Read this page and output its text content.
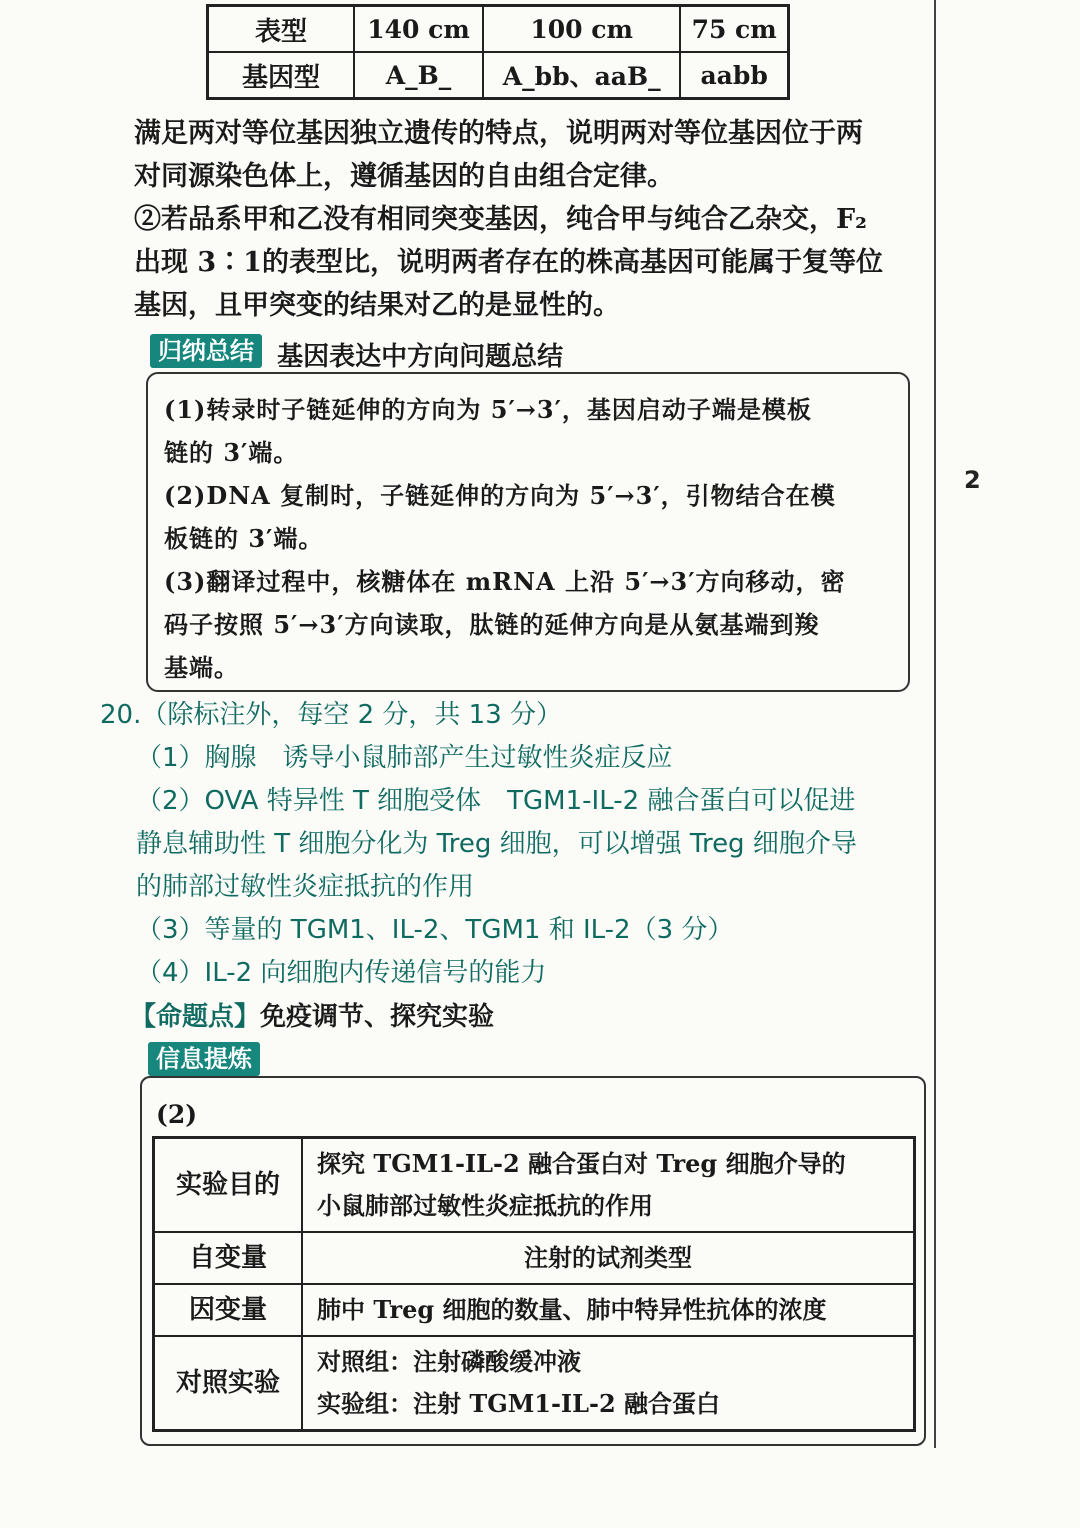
2
表型	140 cm	100 cm	75 cm
基因型	A_B_	A_bb、aaB_	aabb

满足两对等位基因独立遗传的特点，说明两对等位基因位于两

对同源染色体上，遵循基因的自由组合定律。

②若品系甲和乙没有相同突变基因，纯合甲与纯合乙杂交，F₂

出现 3∶1的表型比，说明两者存在的株高基因可能属于复等位

基因，且甲突变的结果对乙的是显性的。

归纳总结 基因表达中方向问题总结

(1)转录时子链延伸的方向为 5′→3′，基因启动子端是模板

链的 3′端。

(2)DNA 复制时，子链延伸的方向为 5′→3′，引物结合在模

板链的 3′端。

(3)翻译过程中，核糖体在 mRNA 上沿 5′→3′方向移动，密

码子按照 5′→3′方向读取，肽链的延伸方向是从氨基端到羧

基端。

20.（除标注外，每空 2 分，共 13 分）

（1）胸腺　诱导小鼠肺部产生过敏性炎症反应

（2）OVA 特异性 T 细胞受体　TGM1-IL-2 融合蛋白可以促进

静息辅助性 T 细胞分化为 Treg 细胞，可以增强 Treg 细胞介导

的肺部过敏性炎症抵抗的作用

（3）等量的 TGM1、IL-2、TGM1 和 IL-2（3 分）

（4）IL-2 向细胞内传递信号的能力

【命题点】免疫调节、探究实验
信息提炼
(2)
实验目的	探究 TGM1-IL-2 融合蛋白对 Treg 细胞介导的
小鼠肺部过敏性炎症抵抗的作用

自变量	注射的试剂类型
因变量	肺中 Treg 细胞的数量、肺中特异性抗体的浓度
对照实验	对照组：注射磷酸缓冲液
实验组：注射 TGM1-IL-2 融合蛋白
